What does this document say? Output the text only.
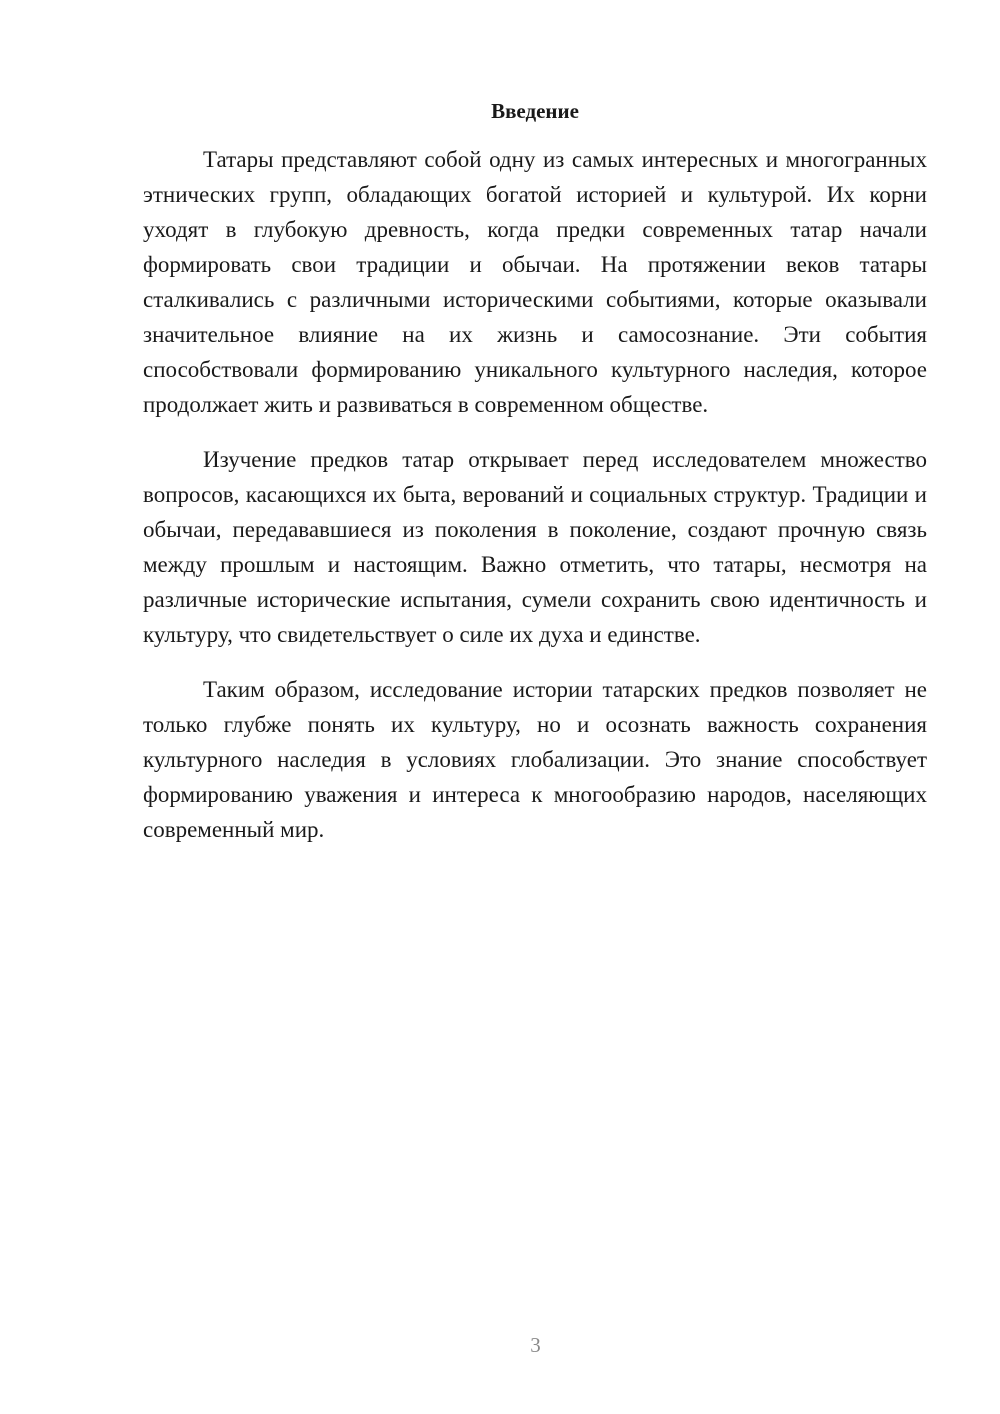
Введение

Татары представляют собой одну из самых интересных и многогранных этнических групп, обладающих богатой историей и культурой. Их корни уходят в глубокую древность, когда предки современных татар начали формировать свои традиции и обычаи. На протяжении веков татары сталкивались с различными историческими событиями, которые оказывали значительное влияние на их жизнь и самосознание. Эти события способствовали формированию уникального культурного наследия, которое продолжает жить и развиваться в современном обществе.

Изучение предков татар открывает перед исследователем множество вопросов, касающихся их быта, верований и социальных структур. Традиции и обычаи, передававшиеся из поколения в поколение, создают прочную связь между прошлым и настоящим. Важно отметить, что татары, несмотря на различные исторические испытания, сумели сохранить свою идентичность и культуру, что свидетельствует о силе их духа и единстве.

Таким образом, исследование истории татарских предков позволяет не только глубже понять их культуру, но и осознать важность сохранения культурного наследия в условиях глобализации. Это знание способствует формированию уважения и интереса к многообразию народов, населяющих современный мир.

3
